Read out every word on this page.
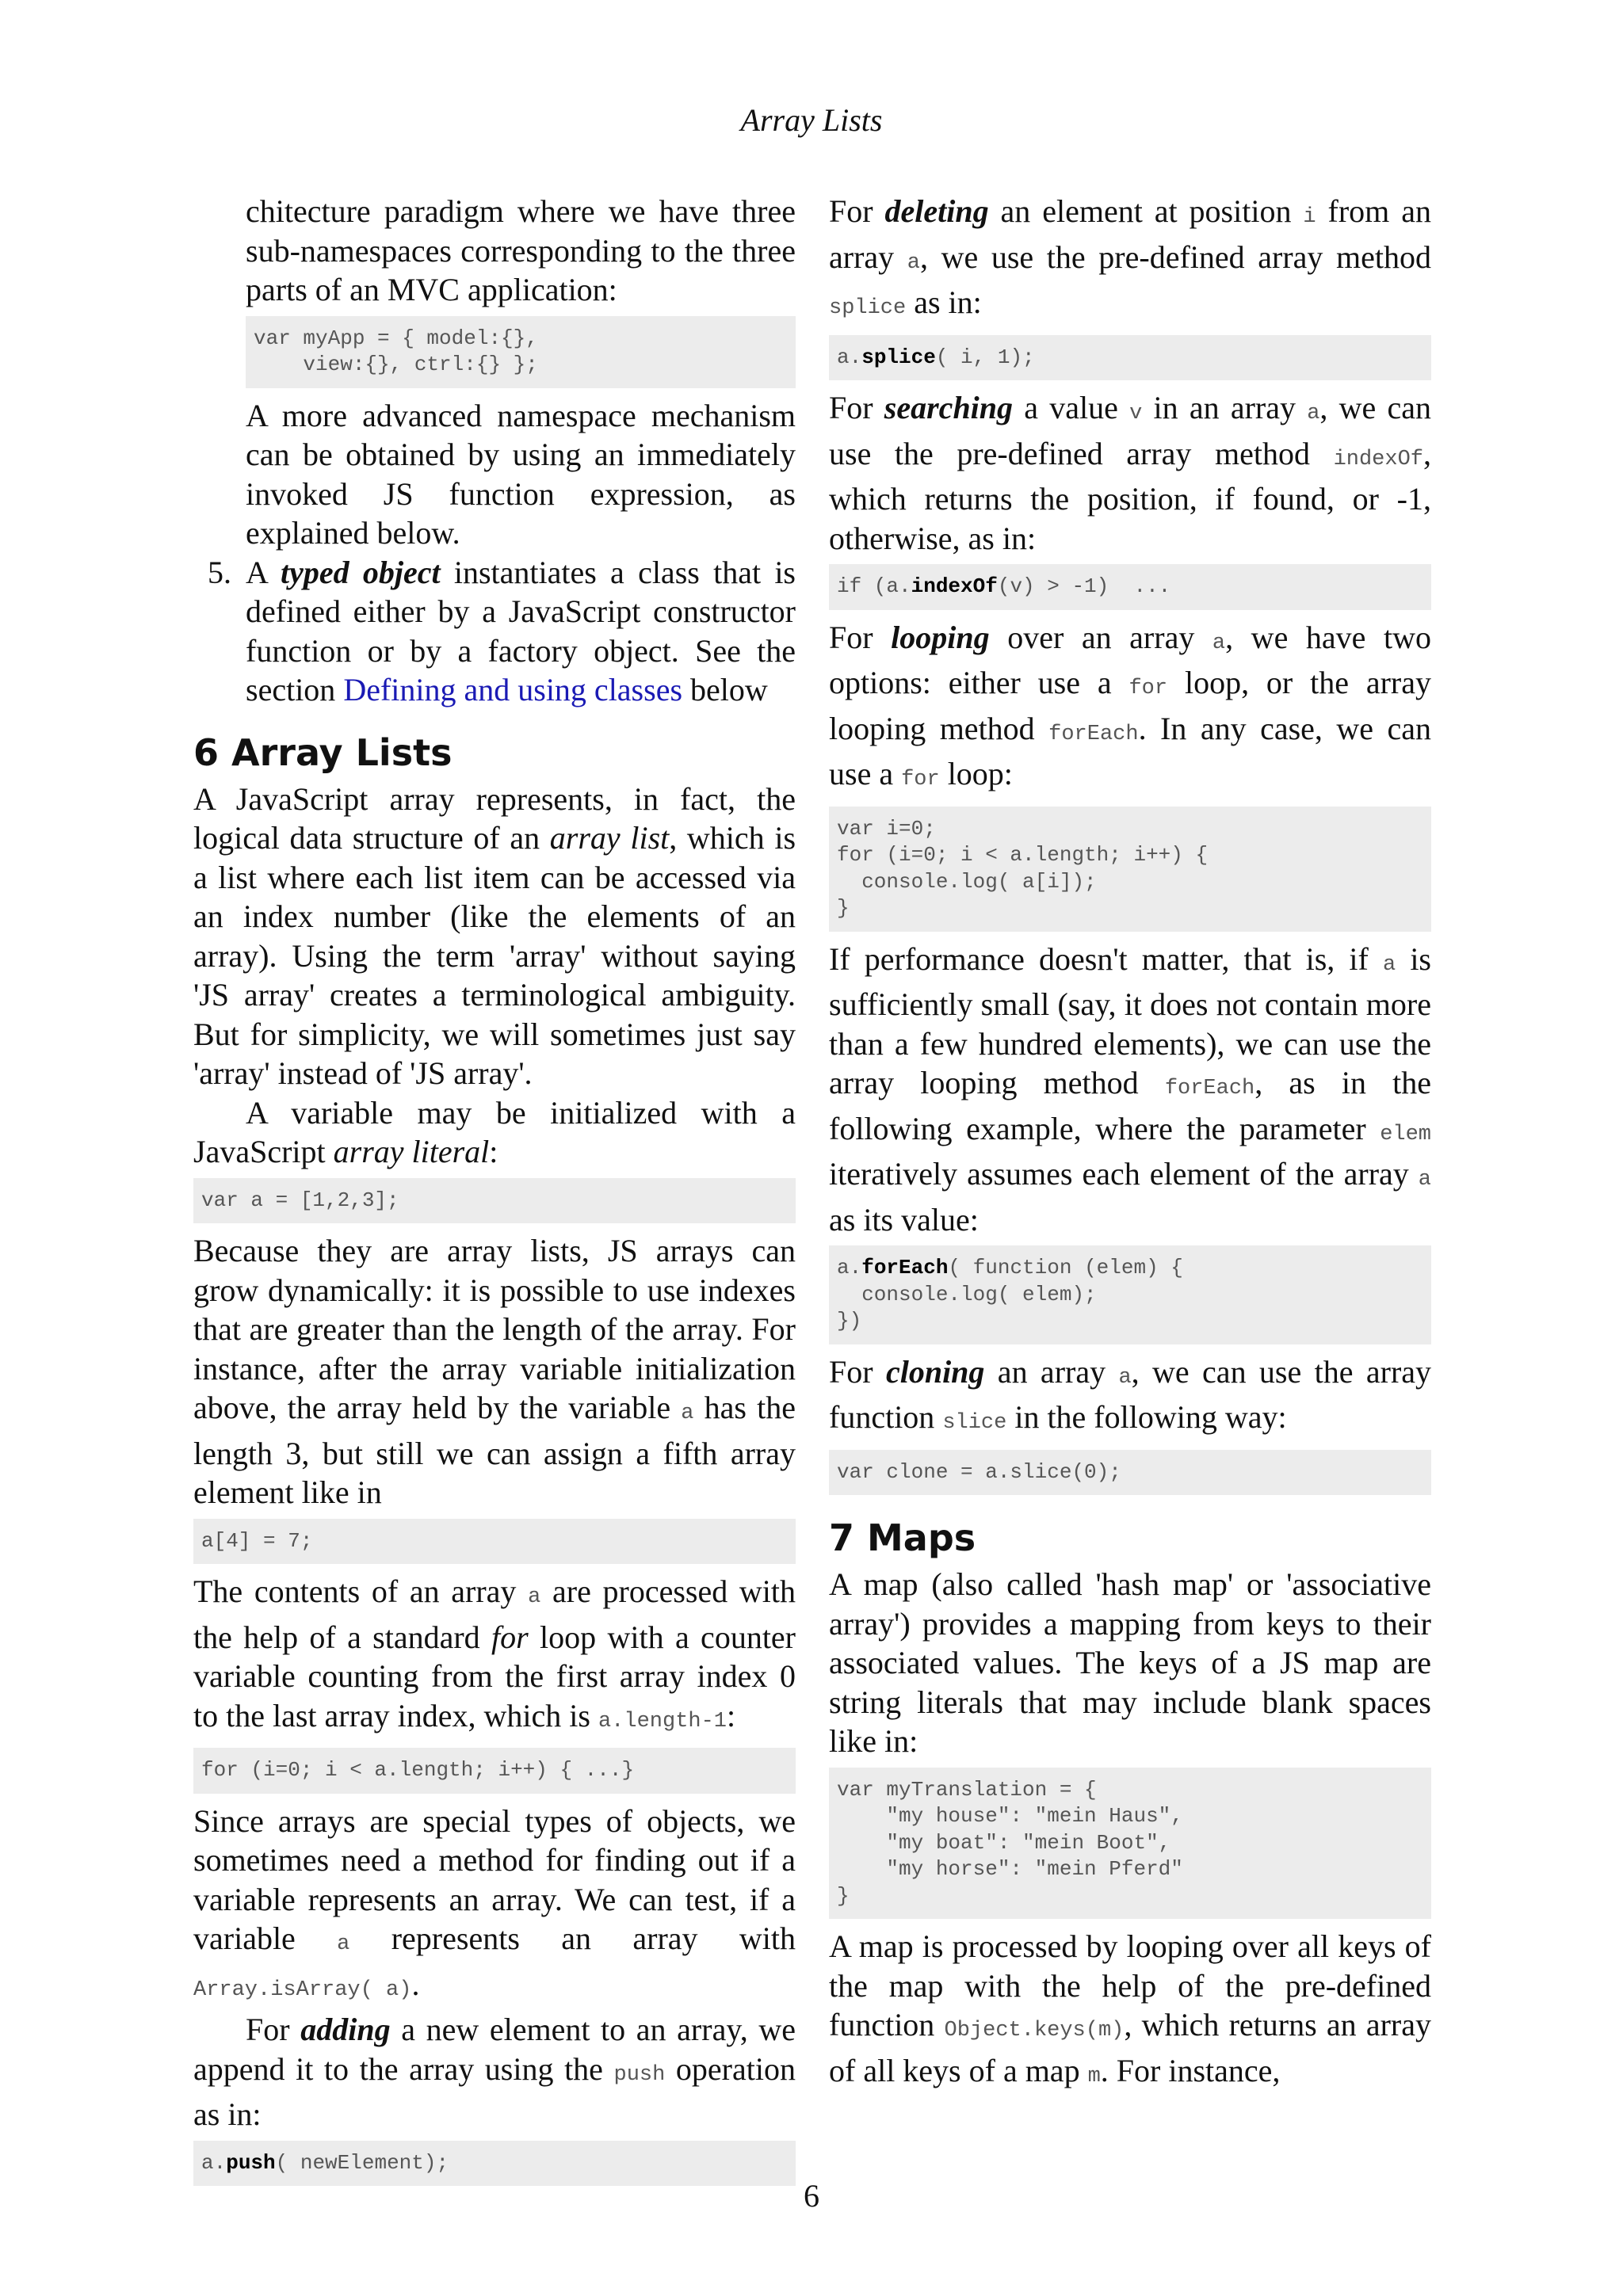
Array Lists

chitecture paradigm where we have three sub-namespaces corresponding to the three parts of an MVC application:

var myApp = { model:{},
view:{}, ctrl:{} };

A more advanced namespace mechanism can be obtained by using an immediately invoked JS function expression, as explained below.

5. A typed object instantiates a class that is defined either by a JavaScript constructor function or by a factory object. See the section Defining and using classes below

6 Array Lists

A JavaScript array represents, in fact, the logical data structure of an array list, which is a list where each list item can be accessed via an index number (like the elements of an array). Using the term 'array' without saying 'JS array' creates a terminological ambiguity. But for simplicity, we will sometimes just say 'array' instead of 'JS array'.

A variable may be initialized with a JavaScript array literal:

var a = [1,2,3];

Because they are array lists, JS arrays can grow dynamically: it is possible to use indexes that are greater than the length of the array. For instance, after the array variable initialization above, the array held by the variable a has the length 3, but still we can assign a fifth array element like in

a[4] = 7;

The contents of an array a are processed with the help of a standard for loop with a counter variable counting from the first array index 0 to the last array index, which is a.length-1:

for (i=0; i < a.length; i++) { ...}

Since arrays are special types of objects, we sometimes need a method for finding out if a variable represents an array. We can test, if a variable a represents an array with Array.isArray( a).

For adding a new element to an array, we append it to the array using the push operation as in:

a.push( newElement);

For deleting an element at position i from an array a, we use the pre-defined array method splice as in:

a.splice( i, 1);

For searching a value v in an array a, we can use the pre-defined array method indexOf, which returns the position, if found, or -1, otherwise, as in:

if (a.indexOf(v) > -1)  ...

For looping over an array a, we have two options: either use a for loop, or the array looping method forEach. In any case, we can use a for loop:

var i=0;
for (i=0; i < a.length; i++) {
console.log( a[i]);
}

If performance doesn't matter, that is, if a is sufficiently small (say, it does not contain more than a few hundred elements), we can use the array looping method forEach, as in the following example, where the parameter elem iteratively assumes each element of the array a as its value:

a.forEach( function (elem) {
console.log( elem);
})

For cloning an array a, we can use the array function slice in the following way:

var clone = a.slice(0);
7 Maps

A map (also called 'hash map' or 'associative array') provides a mapping from keys to their associated values. The keys of a JS map are string literals that may include blank spaces like in:

var myTranslation = {
"my house": "mein Haus",
"my boat": "mein Boot",
"my horse": "mein Pferd"
}

A map is processed by looping over all keys of the map with the help of the pre-defined function Object.keys(m), which returns an array of all keys of a map m. For instance,

6
